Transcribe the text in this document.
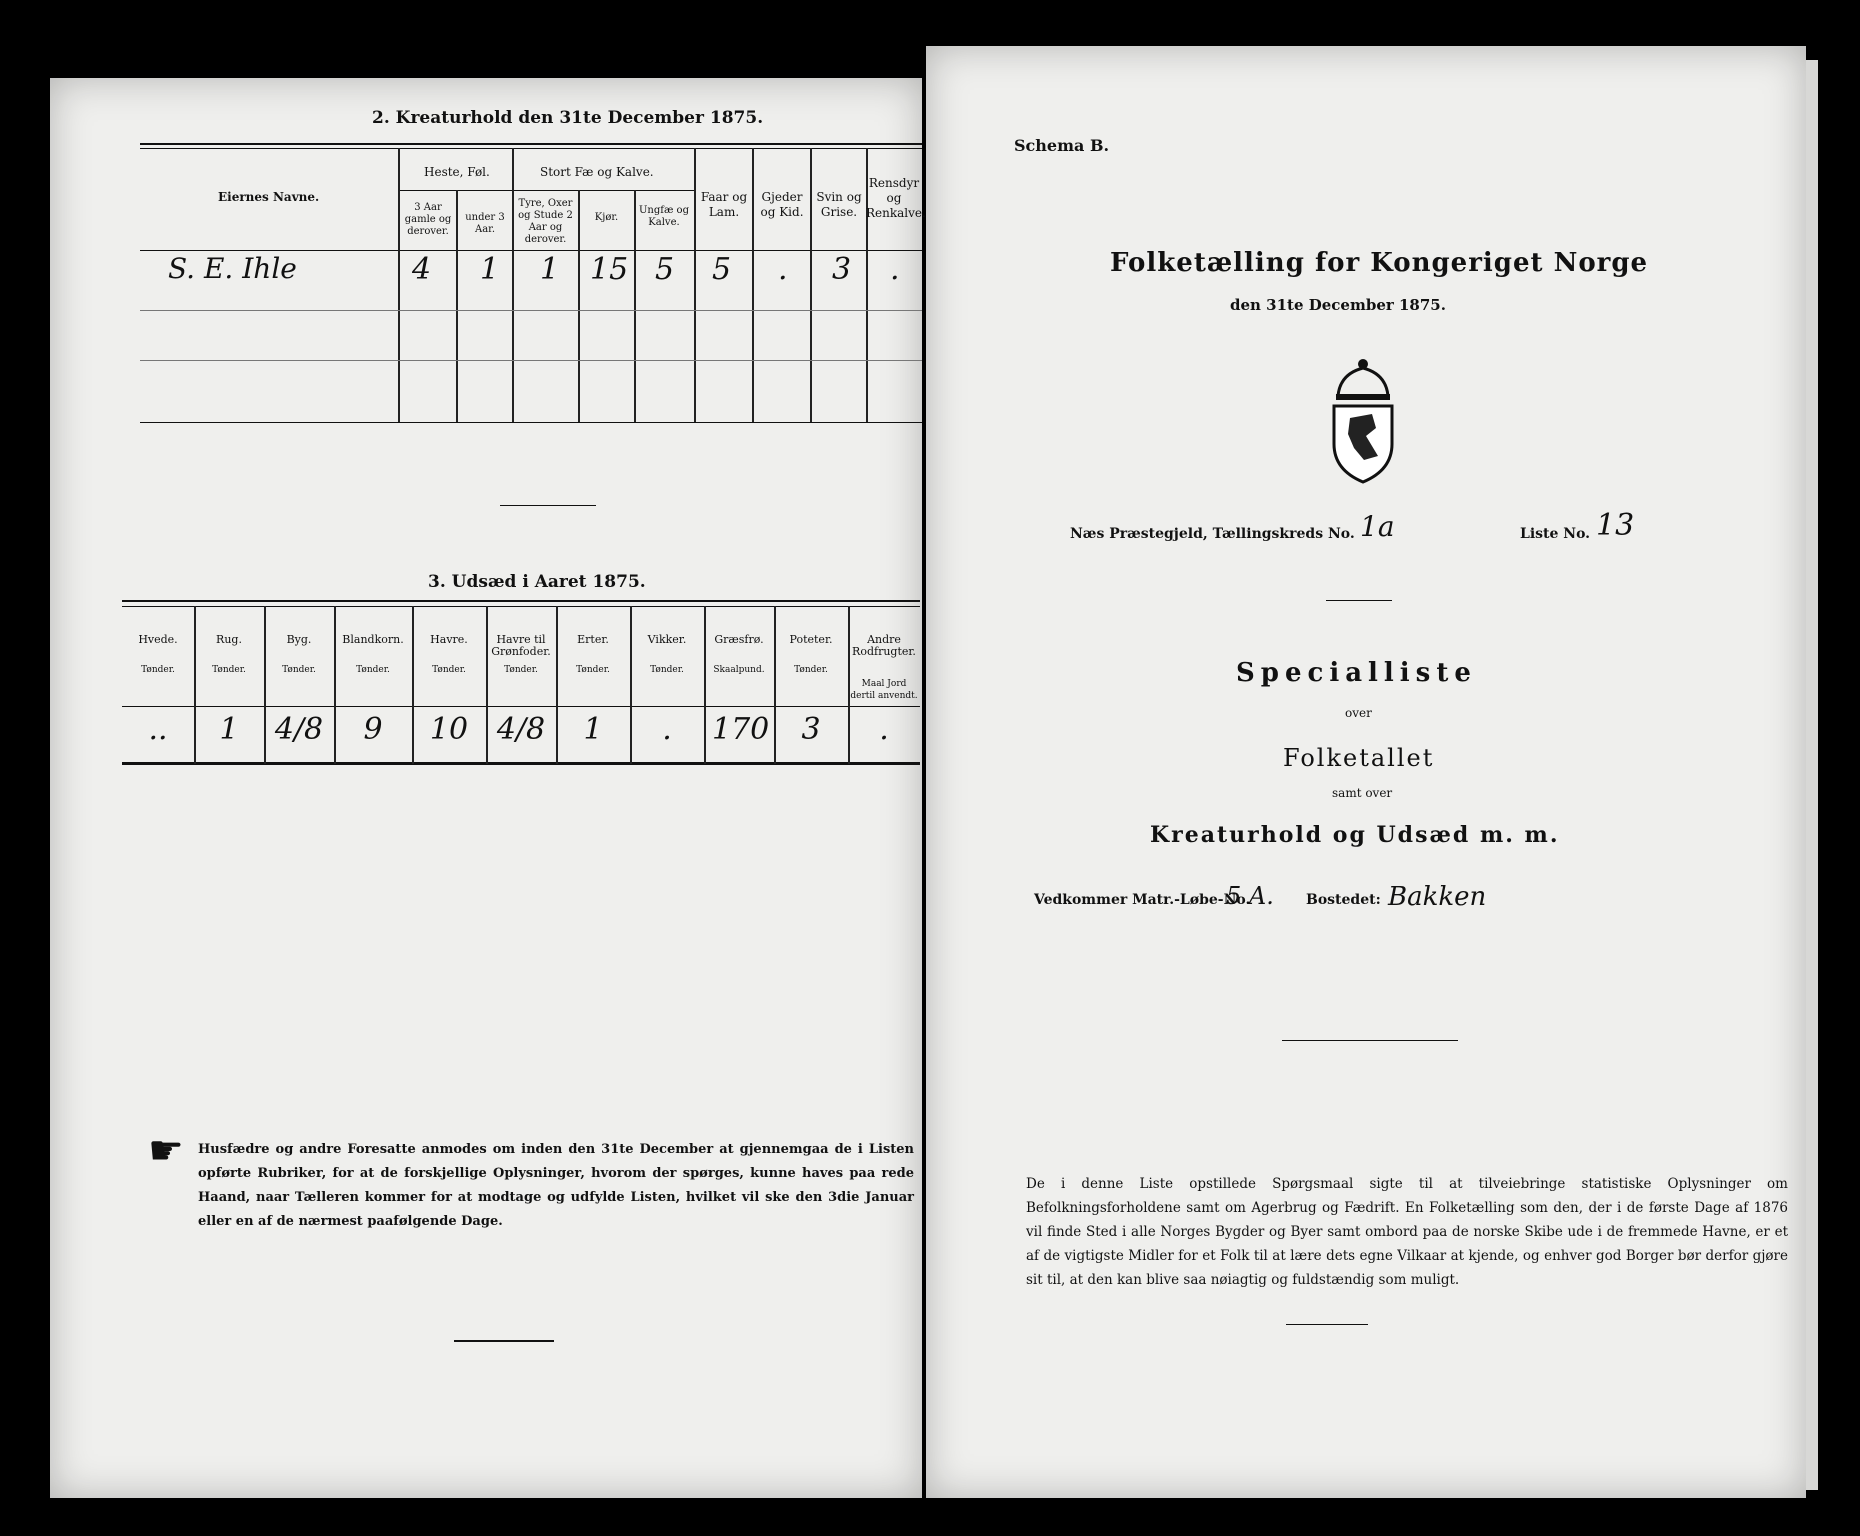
2. Kreaturhold den 31te December 1875.
Eiernes Navne.
Heste, Føl.
3 Aar gamle og derover.
under 3 Aar.
Stort Fæ og Kalve.
Tyre, Oxer og Stude 2 Aar og derover.
Kjør.
Ungfæ og Kalve.
Faar og Lam.
Gjeder og Kid.
Svin og Grise.
Rensdyr og Renkalve.
S. E. Ihle	4 1 1 15 5 5 . 3 .
3. Udsæd i Aaret 1875.
Hvede.
Tønder.
..
Rug.
Tønder.
1
Byg.
Tønder.
4/8
Blandkorn.
Tønder.
9
Havre.
Tønder.
10
Havre til Grønfoder.
Tønder.
4/8
Erter.
Tønder.
1
Vikker.
Tønder.
.
Græsfrø.
Skaalpund.
170
Poteter.
Tønder.
3
Andre Rodfrugter.
Maal Jord dertil anvendt.
.
☛ Husfædre og andre Foresatte anmodes om inden den 31te December at gjennemgaa de i Listen opførte Rubriker, for at de forskjellige Oplysninger, hvorom der spørges, kunne haves paa rede Haand, naar Tælleren kommer for at modtage og udfylde Listen, hvilket vil ske den 3die Januar eller en af de nærmest paafølgende Dage.
Schema B.
Folketælling for Kongeriget Norge
den 31te December 1875.
Næs Præstegjeld, Tællingskreds No. 1a	Liste No. 13
Specialliste
over
Folketallet
samt over
Kreaturhold og Udsæd m. m.
Vedkommer Matr.-Løbe-No.
5 A. Bostedet: Bakken
De i denne Liste opstillede Spørgsmaal sigte til at tilveiebringe statistiske Oplysninger om Befolkningsforholdene samt om Agerbrug og Fædrift. En Folketælling som den, der i de første Dage af 1876 vil finde Sted i alle Norges Bygder og Byer samt ombord paa de norske Skibe ude i de fremmede Havne, er et af de vigtigste Midler for et Folk til at lære dets egne Vilkaar at kjende, og enhver god Borger bør derfor gjøre sit til, at den kan blive saa nøiagtig og fuldstændig som muligt.
